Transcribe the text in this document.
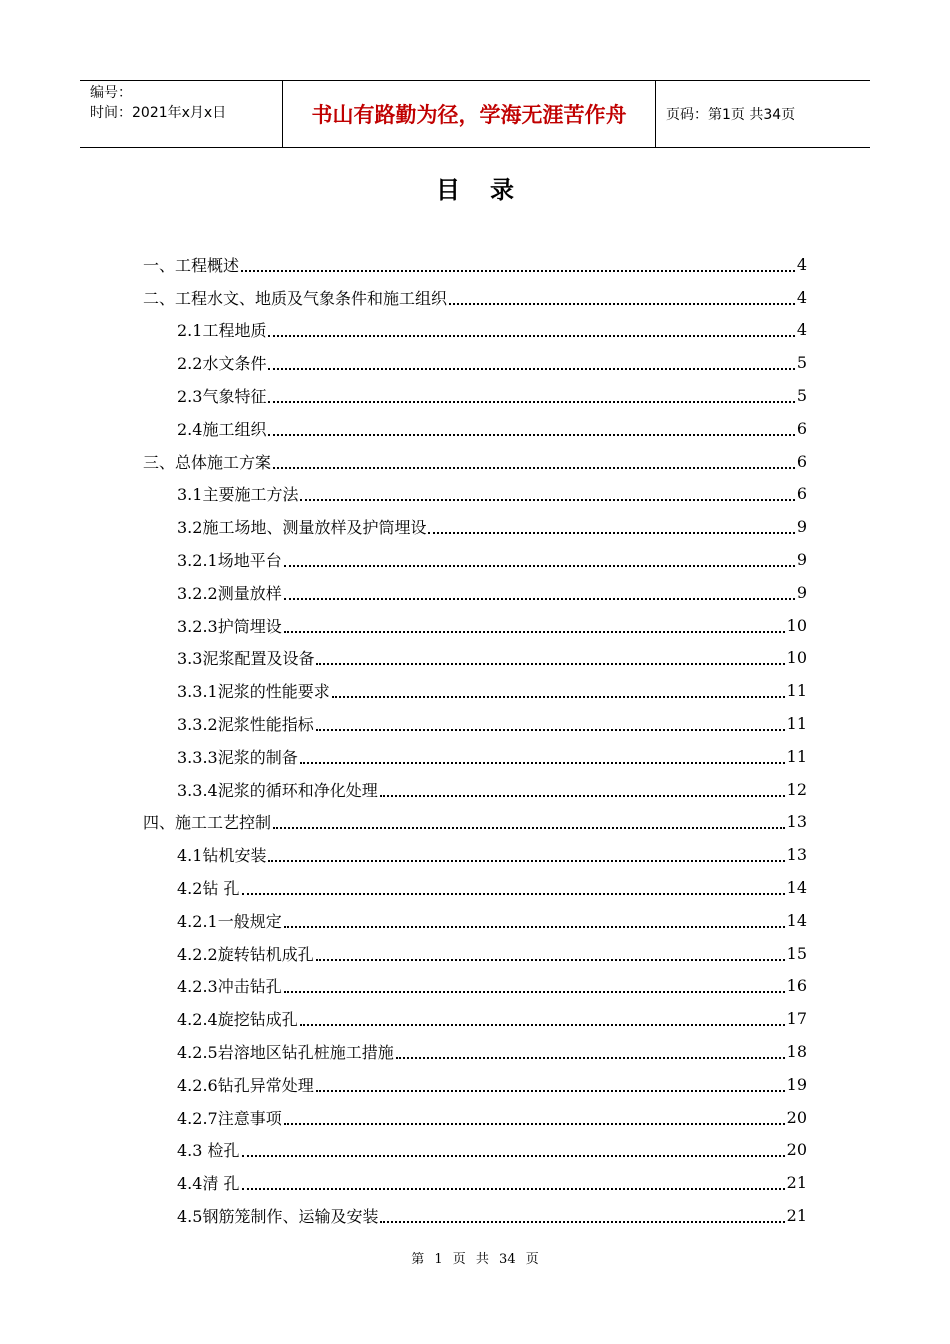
编号：
时间：2021年x月x日	书山有路勤为径，学海无涯苦作舟	页码：第1页 共34页
目录
一、工程概述	4
二、工程水文、地质及气象条件和施工组织	4
2.1工程地质	4
2.2水文条件	5
2.3气象特征	5
2.4施工组织	6
三、总体施工方案	6
3.1主要施工方法	6
3.2施工场地、测量放样及护筒埋设	9
3.2.1场地平台	9
3.2.2测量放样	9
3.2.3护筒埋设	10
3.3泥浆配置及设备	10
3.3.1泥浆的性能要求	11
3.3.2泥浆性能指标	11
3.3.3泥浆的制备	11
3.3.4泥浆的循环和净化处理	12
四、施工工艺控制	13
4.1钻机安装	13
4.2钻 孔	14
4.2.1一般规定	14
4.2.2旋转钻机成孔	15
4.2.3冲击钻孔	16
4.2.4旋挖钻成孔	17
4.2.5岩溶地区钻孔桩施工措施	18
4.2.6钻孔异常处理	19
4.2.7注意事项	20
4.3 检孔	20
4.4清 孔	21
4.5钢筋笼制作、运输及安装	21
第 1 页 共 34 页
